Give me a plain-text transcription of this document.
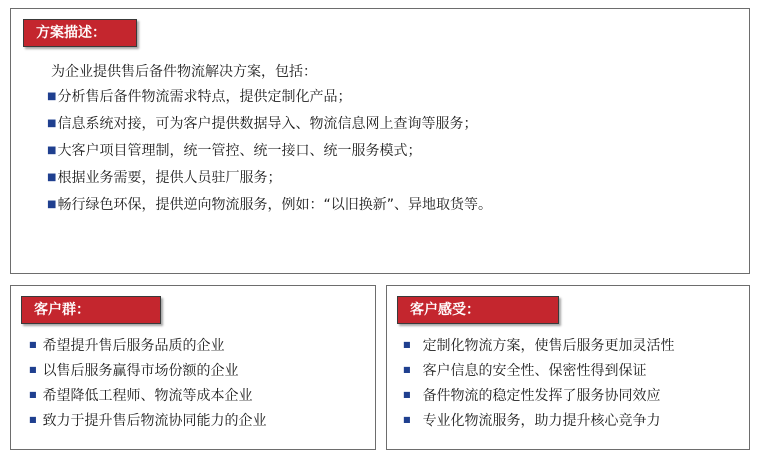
方案描述：
为企业提供售后备件物流解决方案，包括：
■分析售后备件物流需求特点，提供定制化产品；
■信息系统对接，可为客户提供数据导入、物流信息网上查询等服务；
■大客户项目管理制，统一管控、统一接口、统一服务模式；
■根据业务需要，提供人员驻厂服务；
■畅行绿色环保，提供逆向物流服务，例如：“以旧换新”、异地取货等。
客户群：
■ 希望提升售后服务品质的企业
■ 以售后服务赢得市场份额的企业
■ 希望降低工程师、物流等成本企业
■ 致力于提升售后物流协同能力的企业
客户感受：
■ 定制化物流方案，使售后服务更加灵活性
■ 客户信息的安全性、保密性得到保证
■ 备件物流的稳定性发挥了服务协同效应
■ 专业化物流服务，助力提升核心竞争力
